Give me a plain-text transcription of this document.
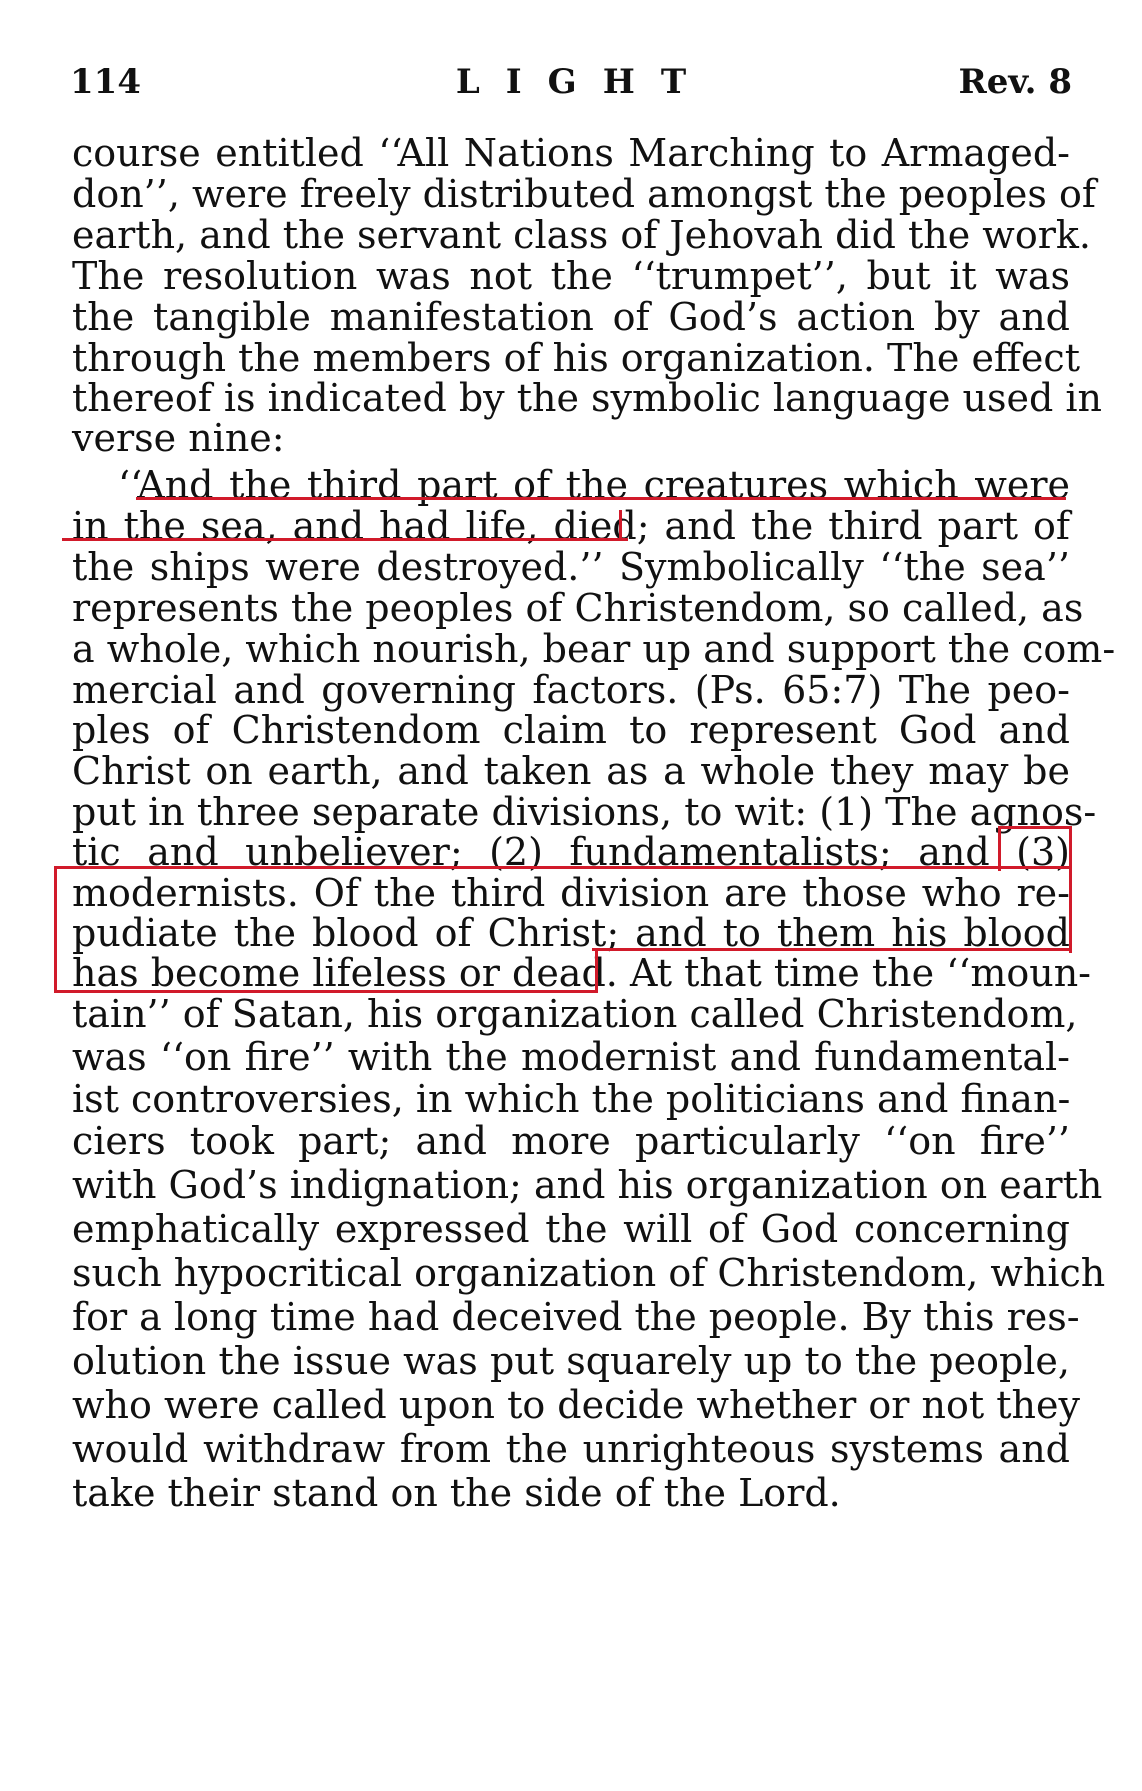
114	LIGHT	Rev. 8
course entitled ‘‘All Nations Marching to Armaged-
don’’, were freely distributed amongst the peoples of
earth, and the servant class of Jehovah did the work.
The resolution was not the ‘‘trumpet’’, but it was
the tangible manifestation of God’s action by and
through the members of his organization. The effect
thereof is indicated by the symbolic language used in
verse nine:
‘‘And the third part of the creatures which were
in the sea, and had life, died; and the third part of
the ships were destroyed.’’ Symbolically ‘‘the sea’’
represents the peoples of Christendom, so called, as
a whole, which nourish, bear up and support the com-
mercial and governing factors. (Ps. 65:7) The peo-
ples of Christendom claim to represent God and
Christ on earth, and taken as a whole they may be
put in three separate divisions, to wit: (1) The agnos-
tic and unbeliever; (2) fundamentalists; and (3)
modernists. Of the third division are those who re-
pudiate the blood of Christ; and to them his blood
has become lifeless or dead. At that time the ‘‘moun-
tain’’ of Satan, his organization called Christendom,
was ‘‘on fire’’ with the modernist and fundamental-
ist controversies, in which the politicians and finan-
ciers took part; and more particularly ‘‘on fire’’
with God’s indignation; and his organization on earth
emphatically expressed the will of God concerning
such hypocritical organization of Christendom, which
for a long time had deceived the people. By this res-
olution the issue was put squarely up to the people,
who were called upon to decide whether or not they
would withdraw from the unrighteous systems and
take their stand on the side of the Lord.
